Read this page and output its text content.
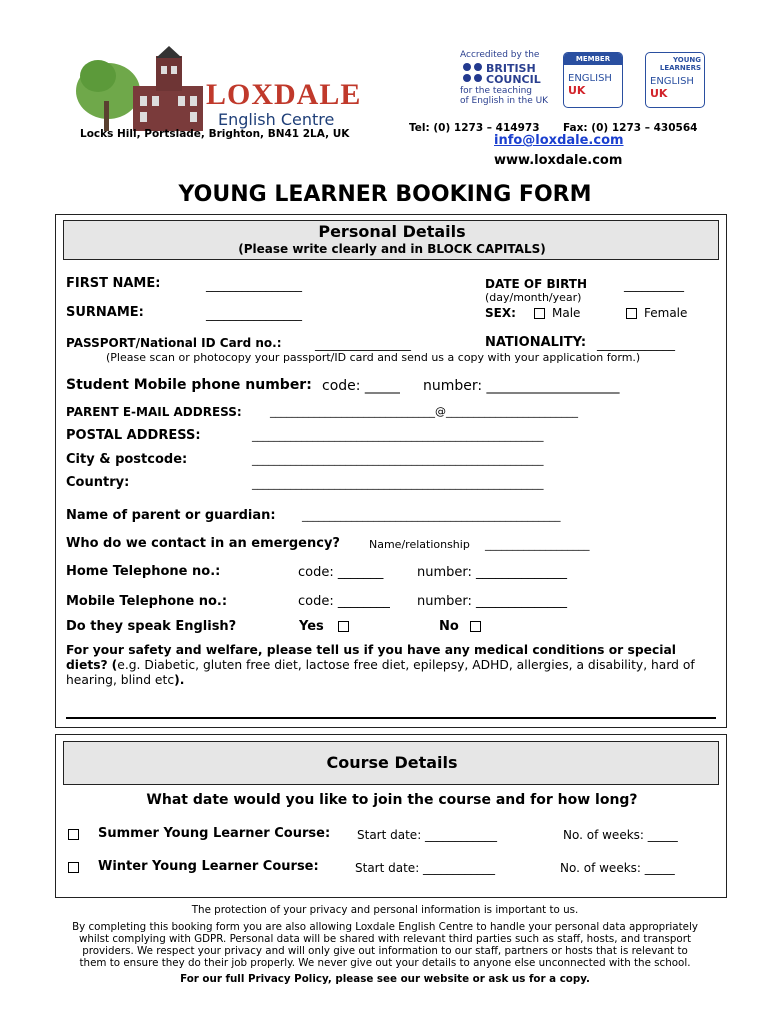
LOXDALE
English Centre
Locks Hill, Portslade, Brighton, BN41 2LA, UK
Accredited by the
BRITISH
COUNCIL
for the teaching
of English in the UK
MEMBER
ENGLISH
UK
YOUNG
LEARNERS
ENGLISH
UK
Tel: (0) 1273 – 414973 Fax: (0) 1273 – 430564
info@loxdale.com
www.loxdale.com
YOUNG LEARNER BOOKING FORM
Personal Details
(Please write clearly and in BLOCK CAPITALS)
FIRST NAME:	________________	DATE OF BIRTH	__________
(day/month/year)
SURNAME:	________________	SEX:	Male	Female
PASSPORT/National ID Card no.:	________________	NATIONALITY: _____________
(Please scan or photocopy your passport/ID card and send us a copy with your application form.)
Student Mobile phone number: code: _____ number: ___________________
PARENT E-MAIL ADDRESS:	______________________________@________________________
POSTAL ADDRESS:	_____________________________________________________
City & postcode:	_____________________________________________________
Country:	_____________________________________________________
Name of parent or guardian: _______________________________________________
Who do we contact in an emergency?	Name/relationship ___________________
Home Telephone no.:	code: _______	number: ______________
Mobile Telephone no.:	code: ________ number: ______________
Do they speak English?	Yes	No
For your safety and welfare, please tell us if you have any medical conditions or special diets? (e.g. Diabetic, gluten free diet, lactose free diet, epilepsy, ADHD, allergies, a disability, hard of hearing, blind etc).
Course Details
What date would you like to join the course and for how long?
Summer Young Learner Course: Start date: ____________	No. of weeks: _____
Winter Young Learner Course:	Start date: ____________	No. of weeks: _____
The protection of your privacy and personal information is important to us.
By completing this booking form you are also allowing Loxdale English Centre to handle your personal data appropriately
whilst complying with GDPR. Personal data will be shared with relevant third parties such as staff, hosts, and transport
providers. We respect your privacy and will only give out information to our staff, partners or hosts that is relevant to
them to ensure they do their job properly. We never give out your details to anyone else unconnected with the school.
For our full Privacy Policy, please see our website or ask us for a copy.
